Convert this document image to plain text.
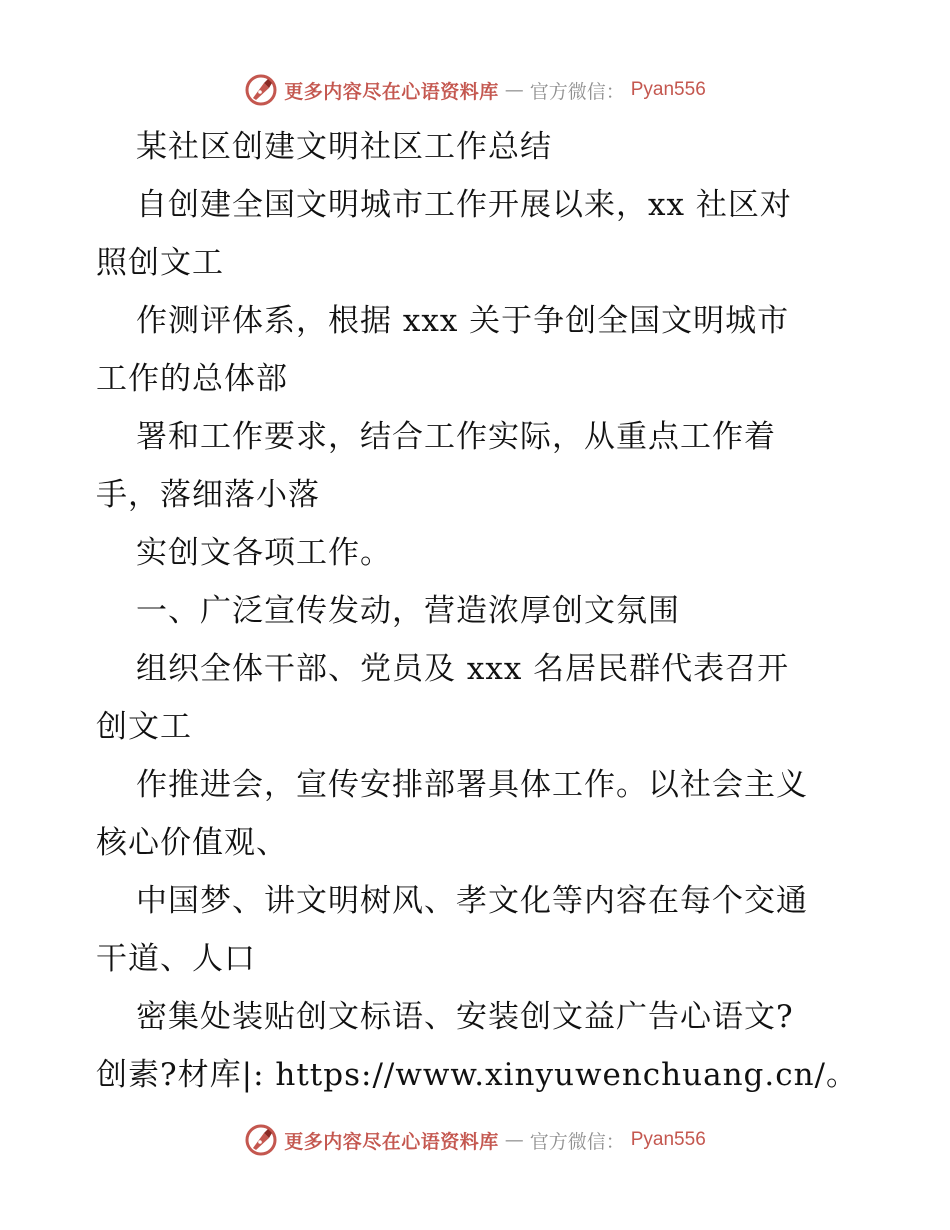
更多内容尽在心语资料库 — 官方微信： Pyan556
某社区创建文明社区工作总结
自创建全国文明城市工作开展以来，xx 社区对
照创文工
作测评体系，根据 xxx 关于争创全国文明城市
工作的总体部
署和工作要求，结合工作实际，从重点工作着
手，落细落小落
实创文各项工作。
一、广泛宣传发动，营造浓厚创文氛围
组织全体干部、党员及 xxx 名居民群代表召开
创文工
作推进会，宣传安排部署具体工作。以社会主义
核心价值观、
中国梦、讲文明树风、孝文化等内容在每个交通
干道、人口
密集处装贴创文标语、安装创文益广告心语文?
创素?材库|: https://www.xinyuwenchuang.cn/。
更多内容尽在心语资料库 — 官方微信： Pyan556
